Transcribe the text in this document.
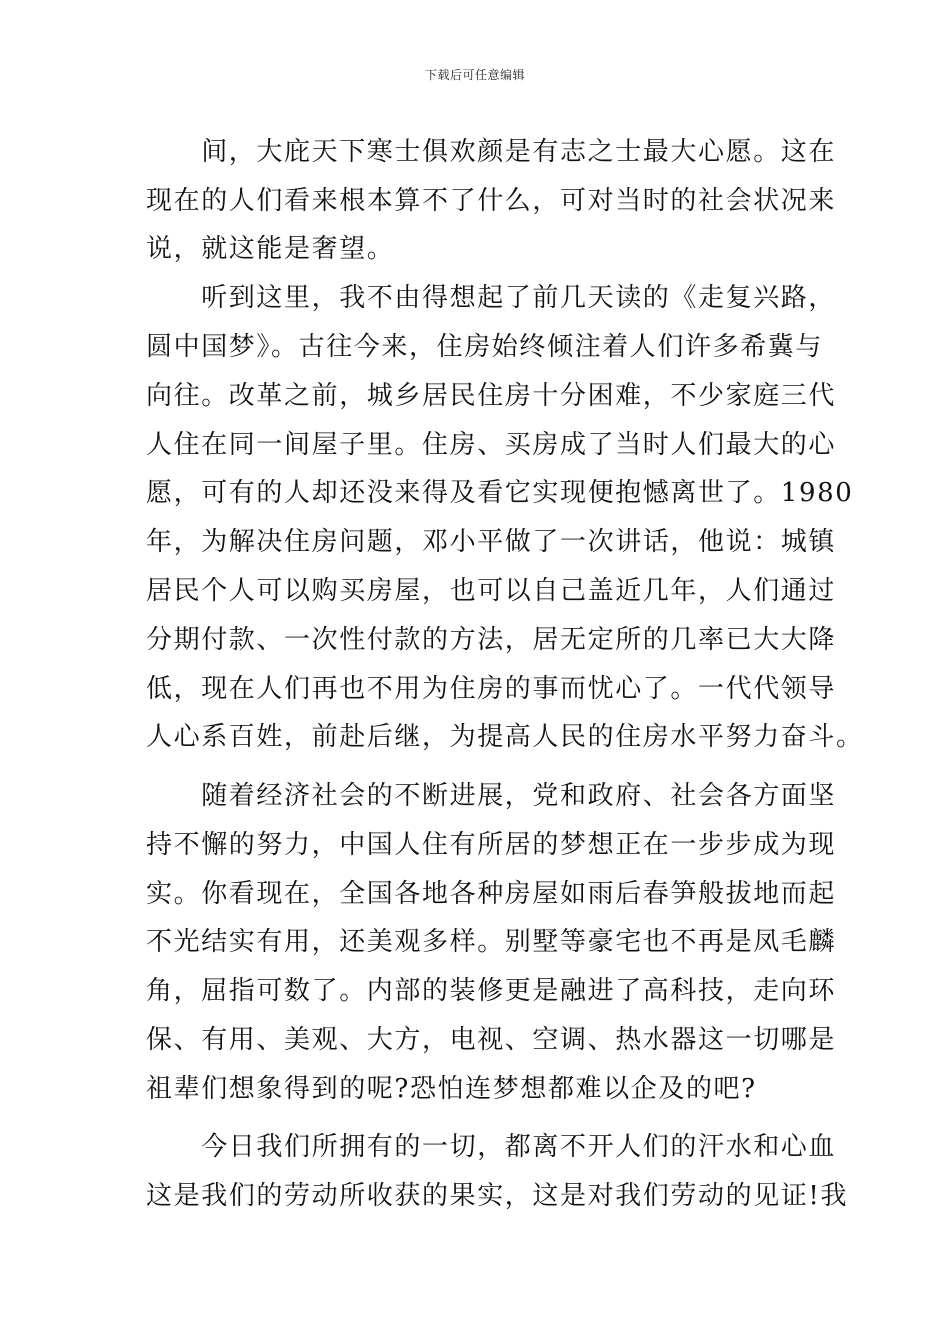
下载后可任意编辑
　　间，大庇天下寒士俱欢颜是有志之士最大心愿。这在
现在的人们看来根本算不了什么，可对当时的社会状况来
说，就这能是奢望。
　　听到这里，我不由得想起了前几天读的《走复兴路，
圆中国梦》。古往今来，住房始终倾注着人们许多希冀与
向往。改革之前，城乡居民住房十分困难，不少家庭三代
人住在同一间屋子里。住房、买房成了当时人们最大的心
愿，可有的人却还没来得及看它实现便抱憾离世了。1980
年，为解决住房问题，邓小平做了一次讲话，他说：城镇
居民个人可以购买房屋，也可以自己盖近几年，人们通过
分期付款、一次性付款的方法，居无定所的几率已大大降
低，现在人们再也不用为住房的事而忧心了。一代代领导
人心系百姓，前赴后继，为提高人民的住房水平努力奋斗。
　　随着经济社会的不断进展，党和政府、社会各方面坚
持不懈的努力，中国人住有所居的梦想正在一步步成为现
实。你看现在，全国各地各种房屋如雨后春笋般拔地而起
不光结实有用，还美观多样。别墅等豪宅也不再是凤毛麟
角，屈指可数了。内部的装修更是融进了高科技，走向环
保、有用、美观、大方，电视、空调、热水器这一切哪是
祖辈们想象得到的呢?恐怕连梦想都难以企及的吧?
　　今日我们所拥有的一切，都离不开人们的汗水和心血
这是我们的劳动所收获的果实，这是对我们劳动的见证!我
